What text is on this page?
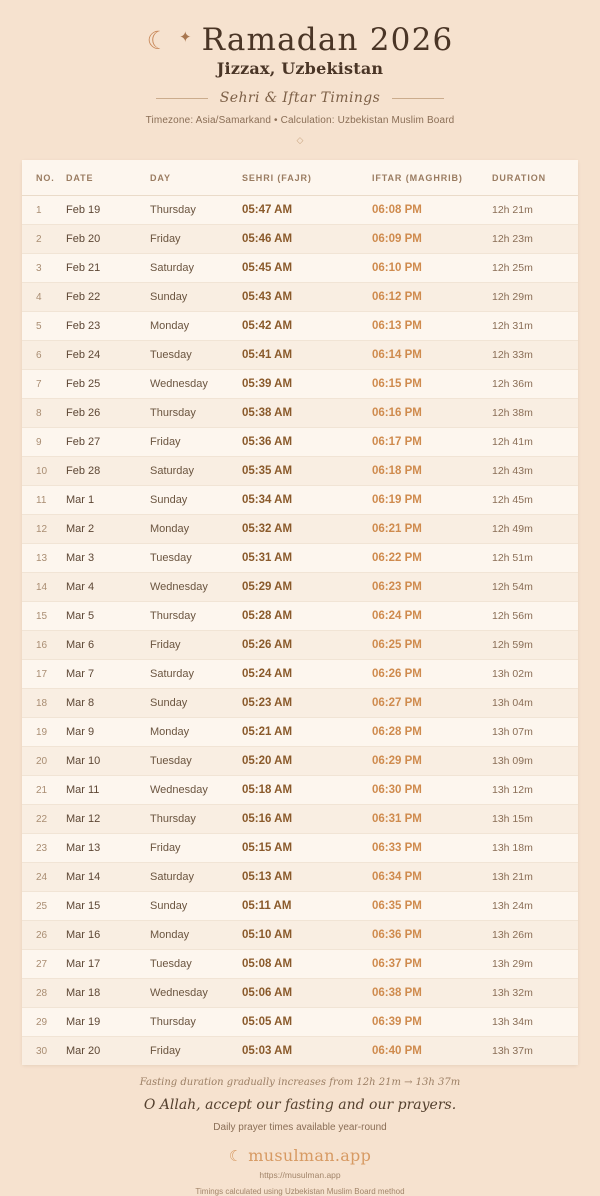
☾ ✦ Ramadan 2026
Jizzax, Uzbekistan
Sehri & Iftar Timings
Timezone: Asia/Samarkand • Calculation: Uzbekistan Muslim Board
◇
NO.	DATE	DAY	SEHRI (FAJR)	IFTAR (MAGHRIB)	DURATION
1	Feb 19	Thursday	05:47 AM	06:08 PM	12h 21m
2	Feb 20	Friday	05:46 AM	06:09 PM	12h 23m
3	Feb 21	Saturday	05:45 AM	06:10 PM	12h 25m
4	Feb 22	Sunday	05:43 AM	06:12 PM	12h 29m
5	Feb 23	Monday	05:42 AM	06:13 PM	12h 31m
6	Feb 24	Tuesday	05:41 AM	06:14 PM	12h 33m
7	Feb 25	Wednesday	05:39 AM	06:15 PM	12h 36m
8	Feb 26	Thursday	05:38 AM	06:16 PM	12h 38m
9	Feb 27	Friday	05:36 AM	06:17 PM	12h 41m
10	Feb 28	Saturday	05:35 AM	06:18 PM	12h 43m
11	Mar 1	Sunday	05:34 AM	06:19 PM	12h 45m
12	Mar 2	Monday	05:32 AM	06:21 PM	12h 49m
13	Mar 3	Tuesday	05:31 AM	06:22 PM	12h 51m
14	Mar 4	Wednesday	05:29 AM	06:23 PM	12h 54m
15	Mar 5	Thursday	05:28 AM	06:24 PM	12h 56m
16	Mar 6	Friday	05:26 AM	06:25 PM	12h 59m
17	Mar 7	Saturday	05:24 AM	06:26 PM	13h 02m
18	Mar 8	Sunday	05:23 AM	06:27 PM	13h 04m
19	Mar 9	Monday	05:21 AM	06:28 PM	13h 07m
20	Mar 10	Tuesday	05:20 AM	06:29 PM	13h 09m
21	Mar 11	Wednesday	05:18 AM	06:30 PM	13h 12m
22	Mar 12	Thursday	05:16 AM	06:31 PM	13h 15m
23	Mar 13	Friday	05:15 AM	06:33 PM	13h 18m
24	Mar 14	Saturday	05:13 AM	06:34 PM	13h 21m
25	Mar 15	Sunday	05:11 AM	06:35 PM	13h 24m
26	Mar 16	Monday	05:10 AM	06:36 PM	13h 26m
27	Mar 17	Tuesday	05:08 AM	06:37 PM	13h 29m
28	Mar 18	Wednesday	05:06 AM	06:38 PM	13h 32m
29	Mar 19	Thursday	05:05 AM	06:39 PM	13h 34m
30	Mar 20	Friday	05:03 AM	06:40 PM	13h 37m
Fasting duration gradually increases from 12h 21m → 13h 37m
O Allah, accept our fasting and our prayers.
Daily prayer times available year-round
☾ musulman.app
https://musulman.app
Timings calculated using Uzbekistan Muslim Board method
